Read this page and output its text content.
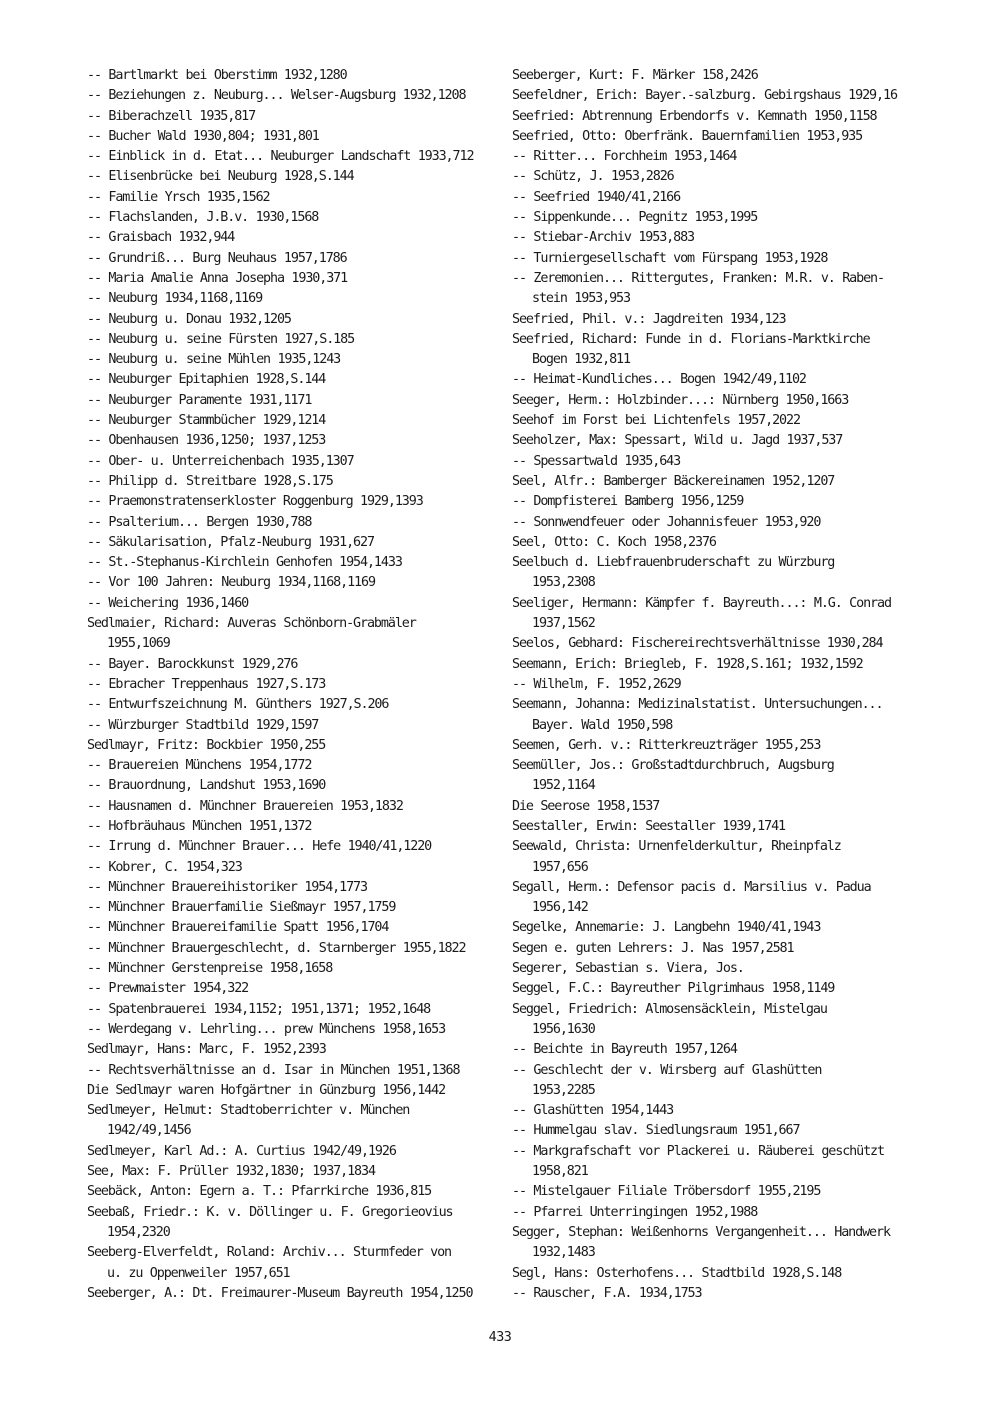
-- Bartlmarkt bei Oberstimm 1932,1280
-- Beziehungen z. Neuburg... Welser-Augsburg 1932,1208
-- Biberachzell 1935,817
-- Bucher Wald 1930,804; 1931,801
-- Einblick in d. Etat... Neuburger Landschaft 1933,712
-- Elisenbrücke bei Neuburg 1928,S.144
-- Familie Yrsch 1935,1562
-- Flachslanden, J.B.v. 1930,1568
-- Graisbach 1932,944
-- Grundriß... Burg Neuhaus 1957,1786
-- Maria Amalie Anna Josepha 1930,371
-- Neuburg 1934,1168,1169
-- Neuburg u. Donau 1932,1205
-- Neuburg u. seine Fürsten 1927,S.185
-- Neuburg u. seine Mühlen 1935,1243
-- Neuburger Epitaphien 1928,S.144
-- Neuburger Paramente 1931,1171
-- Neuburger Stammbücher 1929,1214
-- Obenhausen 1936,1250; 1937,1253
-- Ober- u. Unterreichenbach 1935,1307
-- Philipp d. Streitbare 1928,S.175
-- Praemonstratenserkloster Roggenburg 1929,1393
-- Psalterium... Bergen 1930,788
-- Säkularisation, Pfalz-Neuburg 1931,627
-- St.-Stephanus-Kirchlein Genhofen 1954,1433
-- Vor 100 Jahren: Neuburg 1934,1168,1169
-- Weichering 1936,1460
Sedlmaier, Richard: Auveras Schönborn-Grabmäler
1955,1069
-- Bayer. Barockkunst 1929,276
-- Ebracher Treppenhaus 1927,S.173
-- Entwurfszeichnung M. Günthers 1927,S.206
-- Würzburger Stadtbild 1929,1597
Sedlmayr, Fritz: Bockbier 1950,255
-- Brauereien Münchens 1954,1772
-- Brauordnung, Landshut 1953,1690
-- Hausnamen d. Münchner Brauereien 1953,1832
-- Hofbräuhaus München 1951,1372
-- Irrung d. Münchner Brauer... Hefe 1940/41,1220
-- Kobrer, C. 1954,323
-- Münchner Brauereihistoriker 1954,1773
-- Münchner Brauerfamilie Sießmayr 1957,1759
-- Münchner Brauereifamilie Spatt 1956,1704
-- Münchner Brauergeschlecht, d. Starnberger 1955,1822
-- Münchner Gerstenpreise 1958,1658
-- Prewmaister 1954,322
-- Spatenbrauerei 1934,1152; 1951,1371; 1952,1648
-- Werdegang v. Lehrling... prew Münchens 1958,1653
Sedlmayr, Hans: Marc, F. 1952,2393
-- Rechtsverhältnisse an d. Isar in München 1951,1368
Die Sedlmayr waren Hofgärtner in Günzburg 1956,1442
Sedlmeyer, Helmut: Stadtoberrichter v. München
1942/49,1456
Sedlmeyer, Karl Ad.: A. Curtius 1942/49,1926
See, Max: F. Prüller 1932,1830; 1937,1834
Seebäck, Anton: Egern a. T.: Pfarrkirche 1936,815
Seebaß, Friedr.: K. v. Döllinger u. F. Gregorieovius
1954,2320
Seeberg-Elverfeldt, Roland: Archiv... Sturmfeder von
u. zu Oppenweiler 1957,651
Seeberger, A.: Dt. Freimaurer-Museum Bayreuth 1954,1250
Seeberger, Kurt: F. Märker 158,2426
Seefeldner, Erich: Bayer.-salzburg. Gebirgshaus 1929,16
Seefried: Abtrennung Erbendorfs v. Kemnath 1950,1158
Seefried, Otto: Oberfränk. Bauernfamilien 1953,935
-- Ritter... Forchheim 1953,1464
-- Schütz, J. 1953,2826
-- Seefried 1940/41,2166
-- Sippenkunde... Pegnitz 1953,1995
-- Stiebar-Archiv 1953,883
-- Turniergesellschaft vom Fürspang 1953,1928
-- Zeremonien... Rittergutes, Franken: M.R. v. Raben-
stein 1953,953
Seefried, Phil. v.: Jagdreiten 1934,123
Seefried, Richard: Funde in d. Florians-Marktkirche
Bogen 1932,811
-- Heimat-Kundliches... Bogen 1942/49,1102
Seeger, Herm.: Holzbinder...: Nürnberg 1950,1663
Seehof im Forst bei Lichtenfels 1957,2022
Seeholzer, Max: Spessart, Wild u. Jagd 1937,537
-- Spessartwald 1935,643
Seel, Alfr.: Bamberger Bäckereinamen 1952,1207
-- Dompfisterei Bamberg 1956,1259
-- Sonnwendfeuer oder Johannisfeuer 1953,920
Seel, Otto: C. Koch 1958,2376
Seelbuch d. Liebfrauenbruderschaft zu Würzburg
1953,2308
Seeliger, Hermann: Kämpfer f. Bayreuth...: M.G. Conrad
1937,1562
Seelos, Gebhard: Fischereirechtsverhältnisse 1930,284
Seemann, Erich: Briegleb, F. 1928,S.161; 1932,1592
-- Wilhelm, F. 1952,2629
Seemann, Johanna: Medizinalstatist. Untersuchungen...
Bayer. Wald 1950,598
Seemen, Gerh. v.: Ritterkreuzträger 1955,253
Seemüller, Jos.: Großstadtdurchbruch, Augsburg
1952,1164
Die Seerose 1958,1537
Seestaller, Erwin: Seestaller 1939,1741
Seewald, Christa: Urnenfelderkultur, Rheinpfalz
1957,656
Segall, Herm.: Defensor pacis d. Marsilius v. Padua
1956,142
Segelke, Annemarie: J. Langbehn 1940/41,1943
Segen e. guten Lehrers: J. Nas 1957,2581
Segerer, Sebastian s. Viera, Jos.
Seggel, F.C.: Bayreuther Pilgrimhaus 1958,1149
Seggel, Friedrich: Almosensäcklein, Mistelgau
1956,1630
-- Beichte in Bayreuth 1957,1264
-- Geschlecht der v. Wirsberg auf Glashütten
1953,2285
-- Glashütten 1954,1443
-- Hummelgau slav. Siedlungsraum 1951,667
-- Markgrafschaft vor Plackerei u. Räuberei geschützt
1958,821
-- Mistelgauer Filiale Tröbersdorf 1955,2195
-- Pfarrei Unterringingen 1952,1988
Segger, Stephan: Weißenhorns Vergangenheit... Handwerk
1932,1483
Segl, Hans: Osterhofens... Stadtbild 1928,S.148
-- Rauscher, F.A. 1934,1753
433
